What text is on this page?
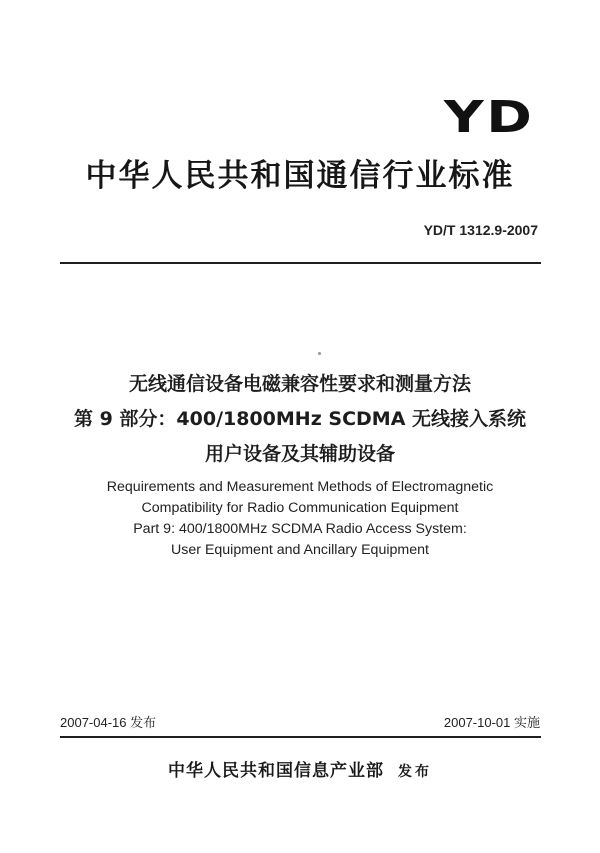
YD
中华人民共和国通信行业标准
YD/T 1312.9-2007
无线通信设备电磁兼容性要求和测量方法
第 9 部分：400/1800MHz SCDMA 无线接入系统
用户设备及其辅助设备
Requirements and Measurement Methods of Electromagnetic
Compatibility for Radio Communication Equipment
Part 9: 400/1800MHz SCDMA Radio Access System:
User Equipment and Ancillary Equipment
2007-04-16 发布	2007-10-01 实施
中华人民共和国信息产业部 发布
